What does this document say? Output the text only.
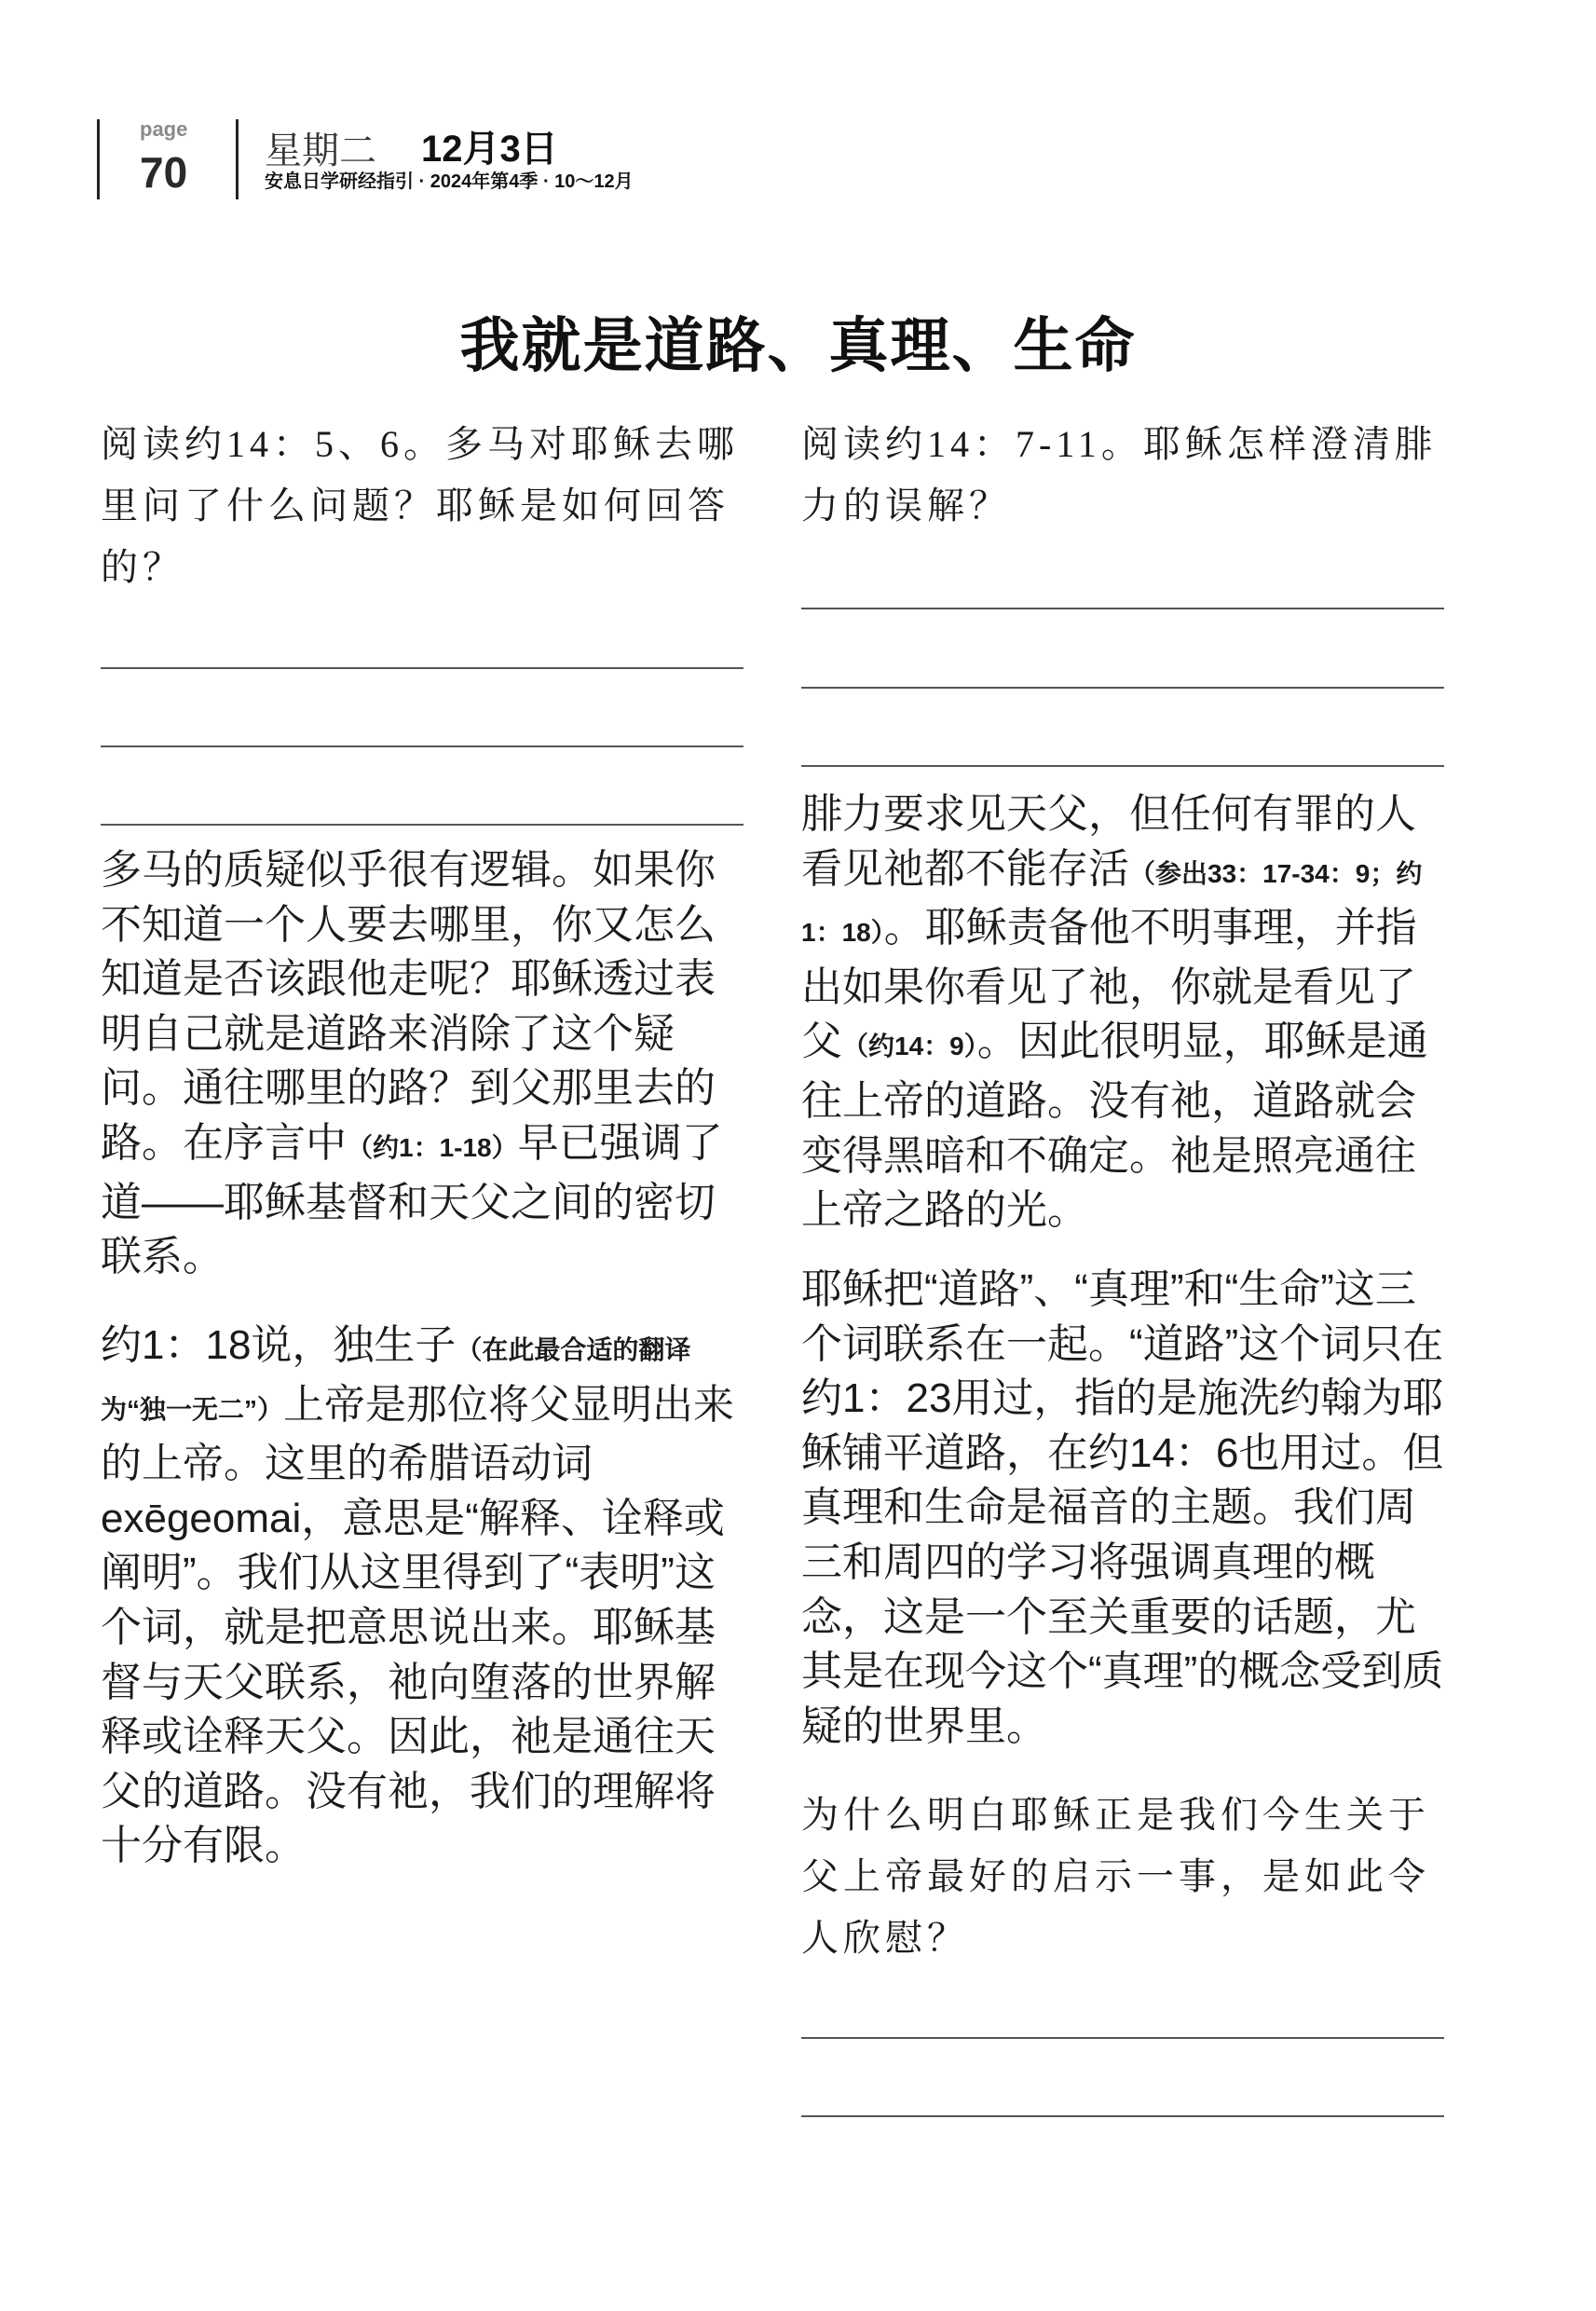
page
70 星期二 12月3日
安息日学研经指引 · 2024年第4季 · 10～12月
我就是道路、真理、生命
阅读约14：5、6。多马对耶稣去哪里问了什么问题？耶稣是如何回答的？

多马的质疑似乎很有逻辑。如果你不知道一个人要去哪里，你又怎么知道是否该跟他走呢？耶稣透过表明自己就是道路来消除了这个疑问。通往哪里的路？到父那里去的路。在序言中（约1：1-18）早已强调了道——耶稣基督和天父之间的密切联系。

约1：18说，独生子（在此最合适的翻译为“独一无二”）上帝是那位将父显明出来的上帝。这里的希腊语动词exēgeomai，意思是“解释、诠释或阐明”。我们从这里得到了“表明”这个词，就是把意思说出来。耶稣基督与天父联系，祂向堕落的世界解释或诠释天父。因此，祂是通往天父的道路。没有祂，我们的理解将十分有限。

阅读约14：7-11。耶稣怎样澄清腓力的误解？

腓力要求见天父，但任何有罪的人看见祂都不能存活（参出33：17-34：9；约1：18）。耶稣责备他不明事理，并指出如果你看见了祂，你就是看见了父（约14：9）。因此很明显，耶稣是通往上帝的道路。没有祂，道路就会变得黑暗和不确定。祂是照亮通往上帝之路的光。

耶稣把“道路”、“真理”和“生命”这三个词联系在一起。“道路”这个词只在约1：23用过，指的是施洗约翰为耶稣铺平道路，在约14：6也用过。但真理和生命是福音的主题。我们周三和周四的学习将强调真理的概念，这是一个至关重要的话题，尤其是在现今这个“真理”的概念受到质疑的世界里。

为什么明白耶稣正是我们今生关于父上帝最好的启示一事，是如此令人欣慰？
